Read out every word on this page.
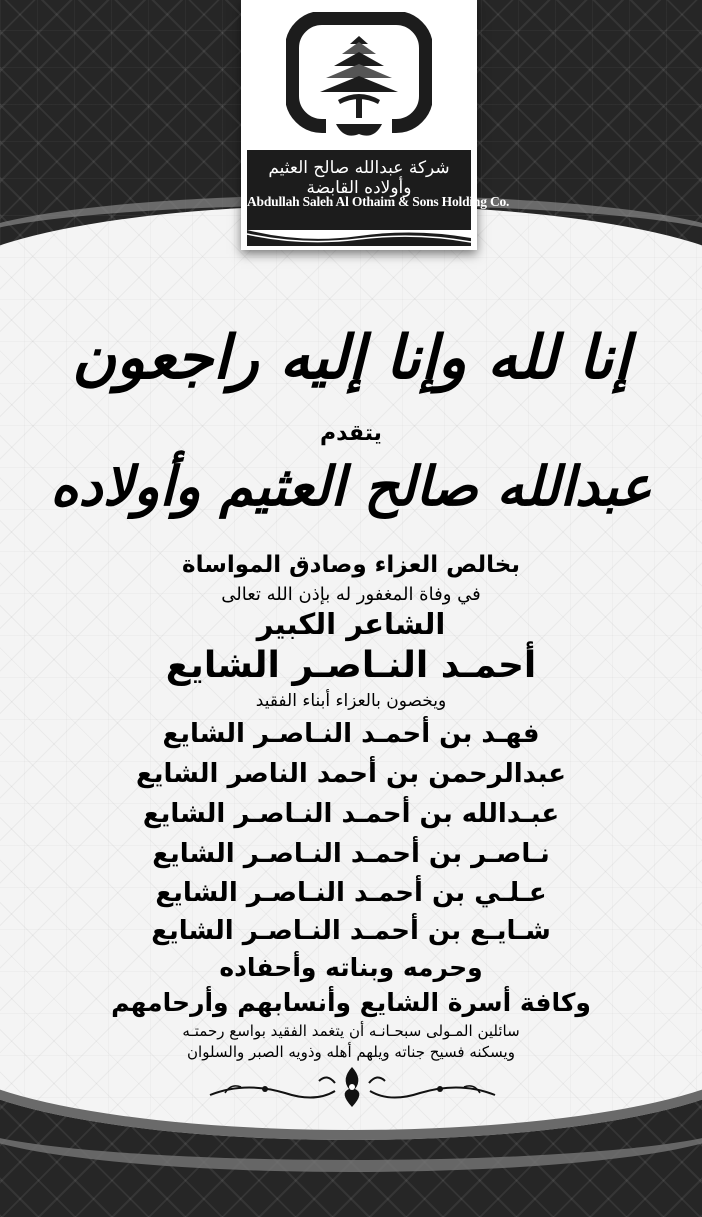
شركة عبدالله صالح العثيم وأولاده القابضة
Abdullah Saleh Al Othaim & Sons Holding Co.
إنا لله وإنا إليه راجعون
يتقدم
عبدالله صالح العثيم وأولاده
بخالص العزاء وصادق المواساة
في وفاة المغفور له بإذن الله تعالى
الشاعر الكبير
أحمـد النـاصـر الشايع
ويخصون بالعزاء أبناء الفقيد
فهـد بن أحمـد النـاصـر الشايع
عبدالرحمن بن أحمد الناصر الشايع
عبـدالله بن أحمـد النـاصـر الشايع
نـاصـر بن أحمـد النـاصـر الشايع
عـلـي بن أحمـد النـاصـر الشايع
شـايـع بن أحمـد النـاصـر الشايع
وحرمه وبناته وأحفاده
وكافة أسرة الشايع وأنسابهم وأرحامهم
سائلين المـولى سبحـانـه أن يتغمد الفقيد بواسع رحمتـه
ويسكنه فسيح جناته ويلهم أهله وذويه الصبر والسلوان
